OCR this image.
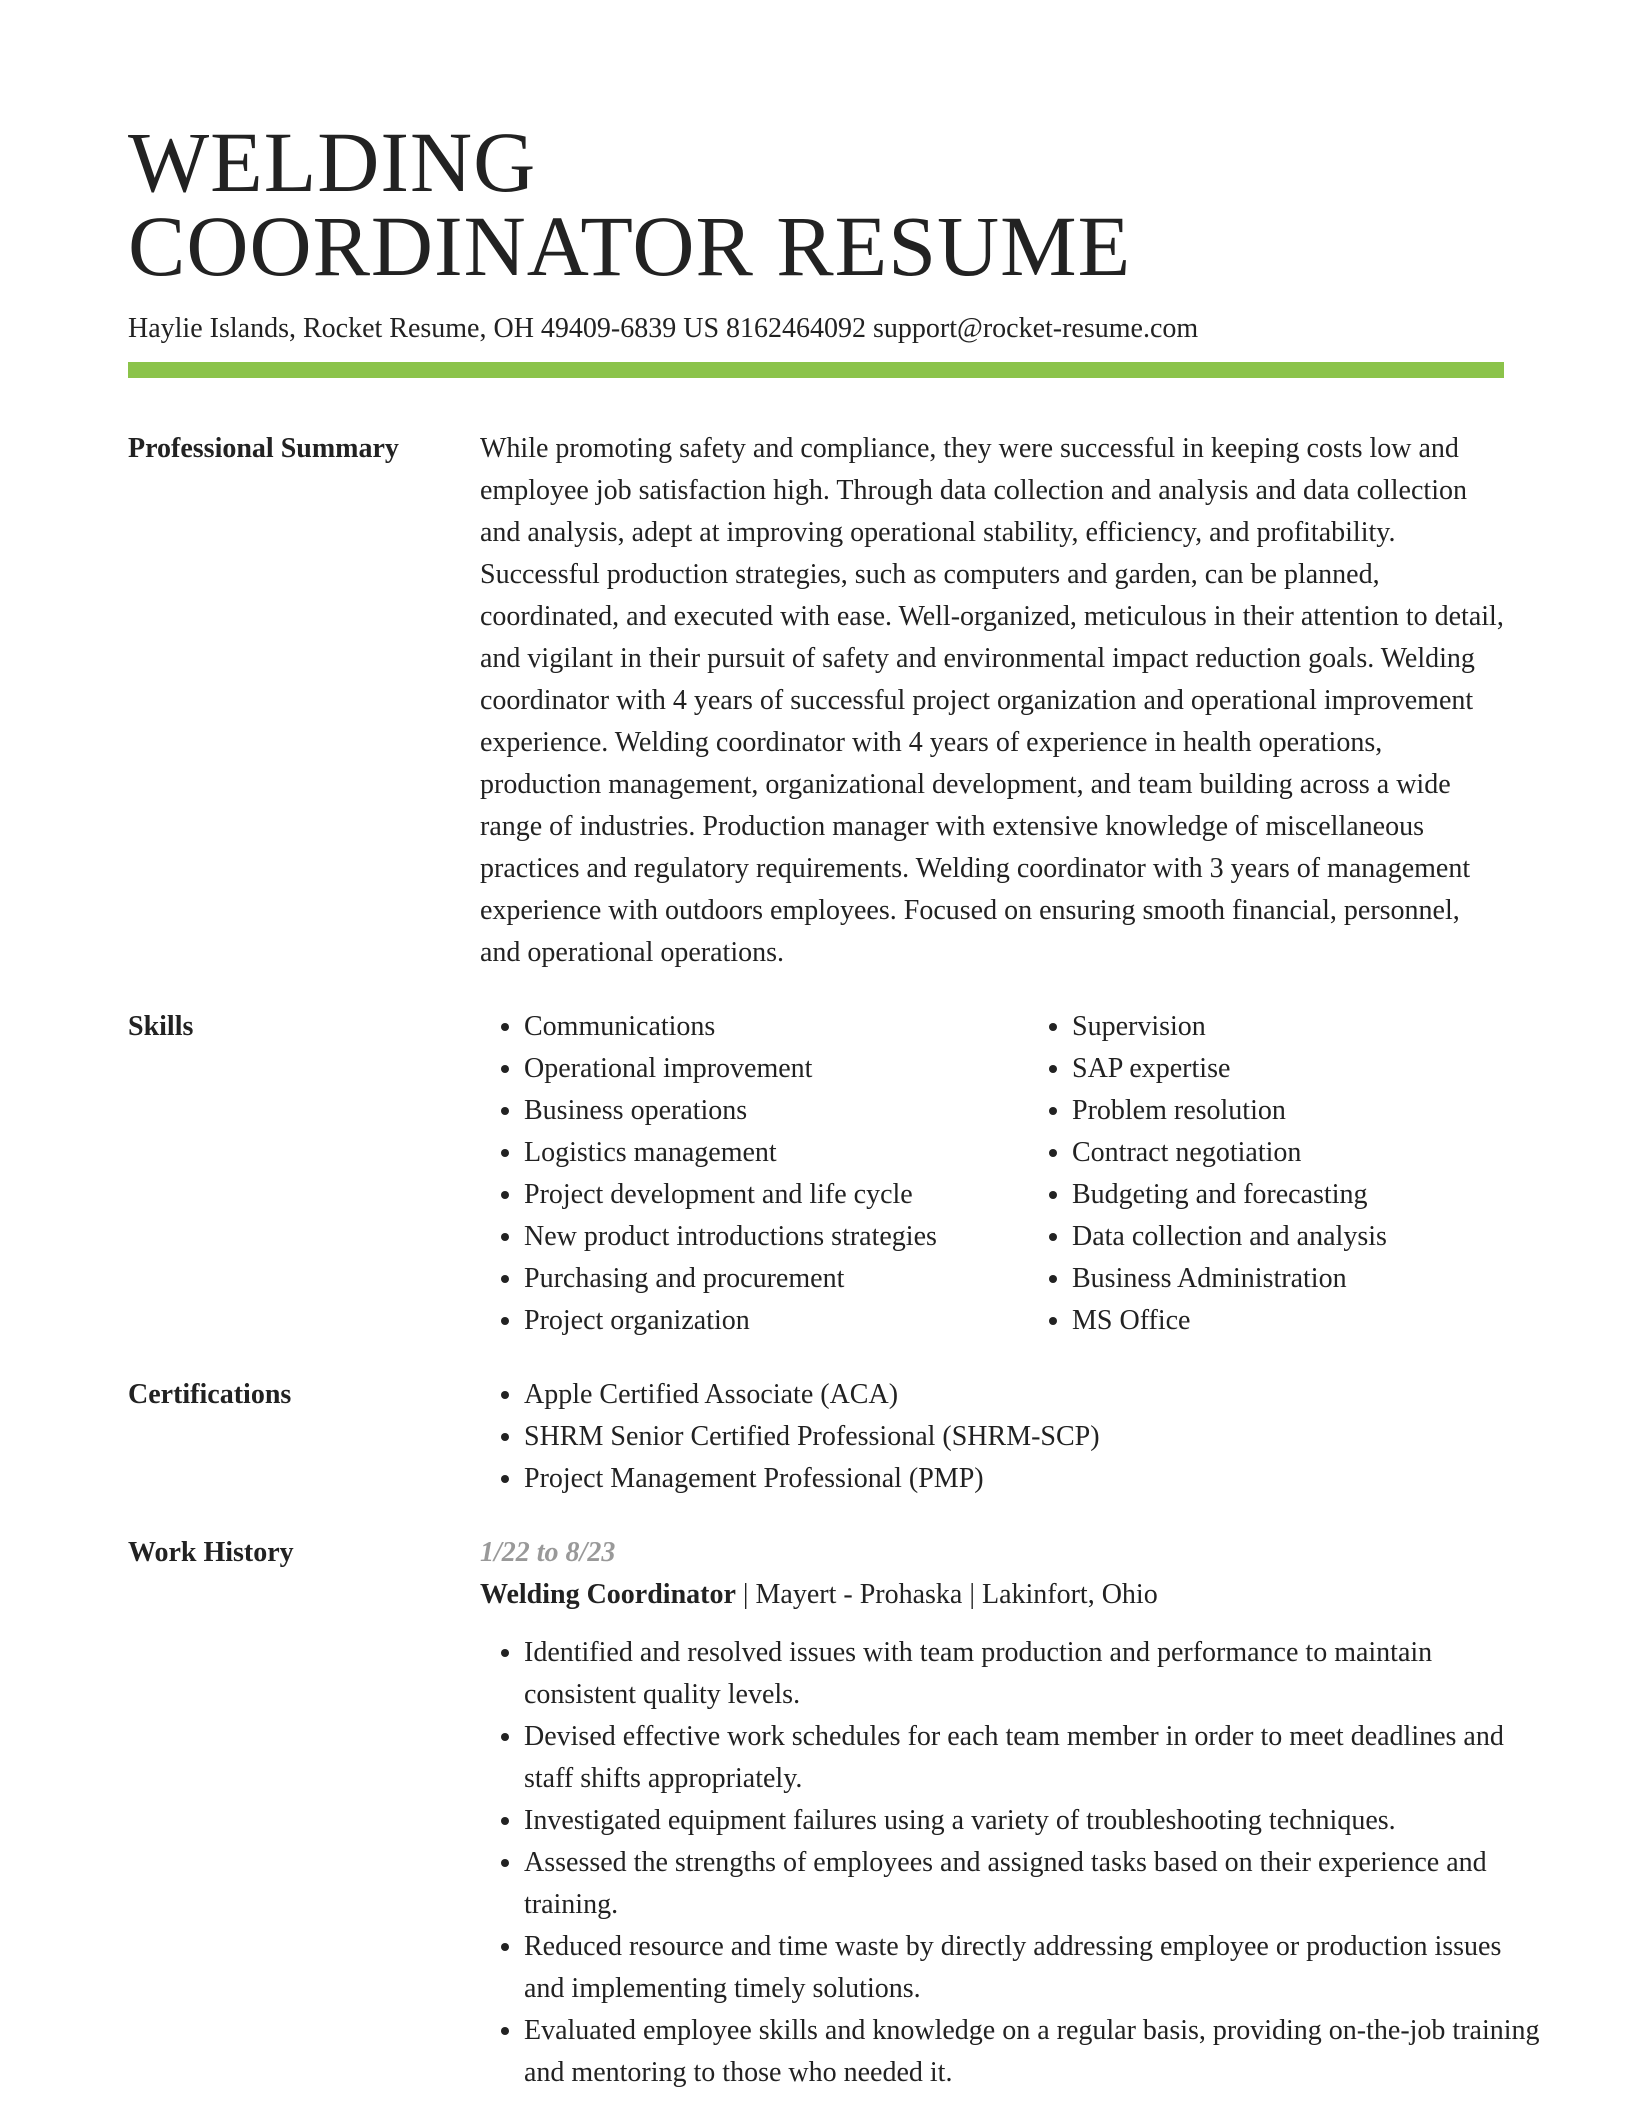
WELDING
COORDINATOR RESUME
Haylie Islands, Rocket Resume, OH 49409-6839 US 8162464092 support@rocket-resume.com
Professional Summary	While promoting safety and compliance, they were successful in keeping costs low and employee job satisfaction high. Through data collection and analysis and data collection and analysis, adept at improving operational stability, efficiency, and profitability. Successful production strategies, such as computers and garden, can be planned, coordinated, and executed with ease. Well-organized, meticulous in their attention to detail, and vigilant in their pursuit of safety and environmental impact reduction goals. Welding coordinator with 4 years of successful project organization and operational improvement experience. Welding coordinator with 4 years of experience in health operations, production management, organizational development, and team building across a wide range of industries. Production manager with extensive knowledge of miscellaneous practices and regulatory requirements. Welding coordinator with 3 years of management experience with outdoors employees. Focused on ensuring smooth financial, personnel, and operational operations.

Skills	• Communications
• Operational improvement
• Business operations
• Logistics management
• Project development and life cycle
• New product introductions strategies
• Purchasing and procurement
• Project organization
• Supervision
• SAP expertise
• Problem resolution
• Contract negotiation
• Budgeting and forecasting
• Data collection and analysis
• Business Administration
• MS Office
Certifications	• Apple Certified Associate (ACA)
• SHRM Senior Certified Professional (SHRM-SCP)
• Project Management Professional (PMP)
Work History	1/22 to 8/23
Welding Coordinator | Mayert - Prohaska | Lakinfort, Ohio
• Identified and resolved issues with team production and performance to maintain consistent quality levels.
• Devised effective work schedules for each team member in order to meet deadlines and staff shifts appropriately.
• Investigated equipment failures using a variety of troubleshooting techniques.
• Assessed the strengths of employees and assigned tasks based on their experience and training.
• Reduced resource and time waste by directly addressing employee or production issues and implementing timely solutions.
• Evaluated employee skills and knowledge on a regular basis, providing on-the-job training and mentoring to those who needed it.
